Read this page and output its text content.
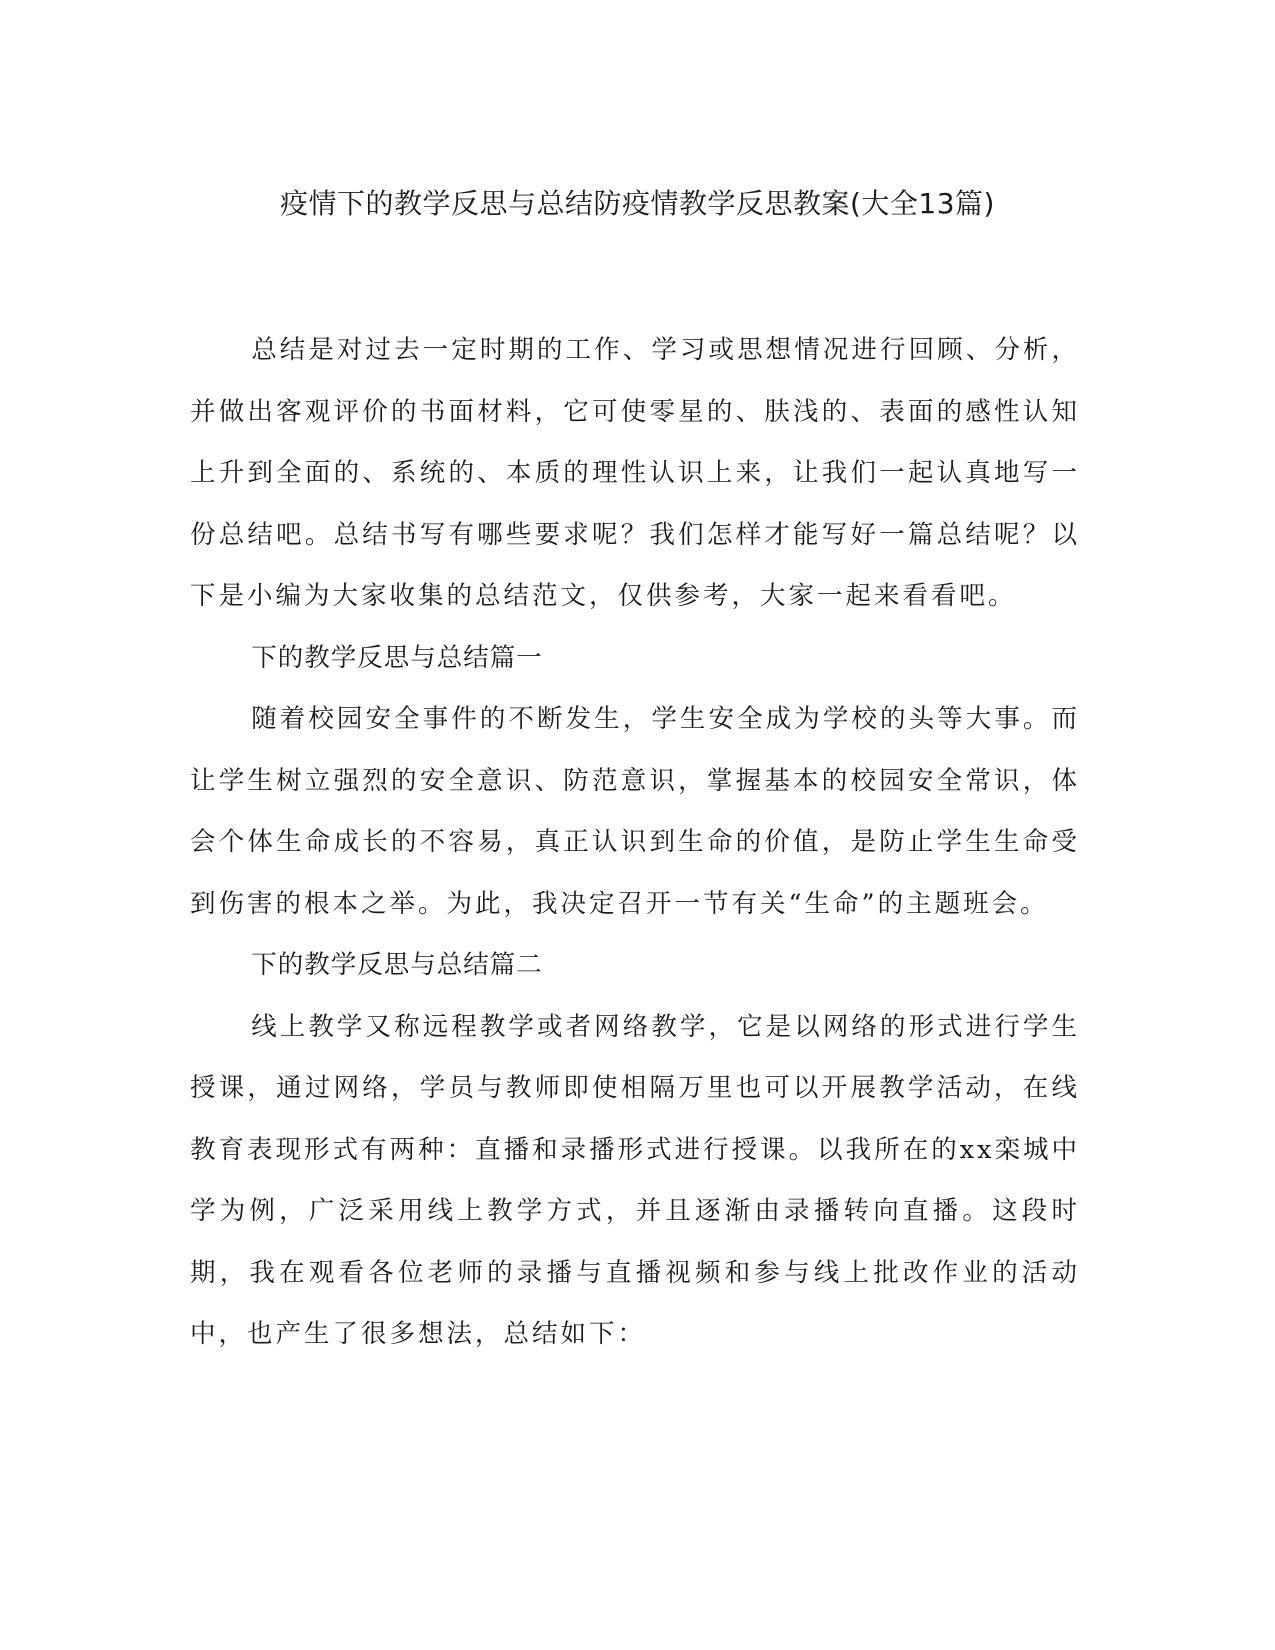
疫情下的教学反思与总结防疫情教学反思教案(大全13篇)

总结是对过去一定时期的工作、学习或思想情况进行回顾、分析，并做出客观评价的书面材料，它可使零星的、肤浅的、表面的感性认知上升到全面的、系统的、本质的理性认识上来，让我们一起认真地写一份总结吧。总结书写有哪些要求呢？我们怎样才能写好一篇总结呢？以下是小编为大家收集的总结范文，仅供参考，大家一起来看看吧。

下的教学反思与总结篇一

随着校园安全事件的不断发生，学生安全成为学校的头等大事。而让学生树立强烈的安全意识、防范意识，掌握基本的校园安全常识，体会个体生命成长的不容易，真正认识到生命的价值，是防止学生生命受到伤害的根本之举。为此，我决定召开一节有关“生命”的主题班会。

下的教学反思与总结篇二

线上教学又称远程教学或者网络教学，它是以网络的形式进行学生授课，通过网络，学员与教师即使相隔万里也可以开展教学活动，在线教育表现形式有两种：直播和录播形式进行授课。以我所在的xx栾城中学为例，广泛采用线上教学方式，并且逐渐由录播转向直播。这段时期，我在观看各位老师的录播与直播视频和参与线上批改作业的活动中，也产生了很多想法，总结如下：
